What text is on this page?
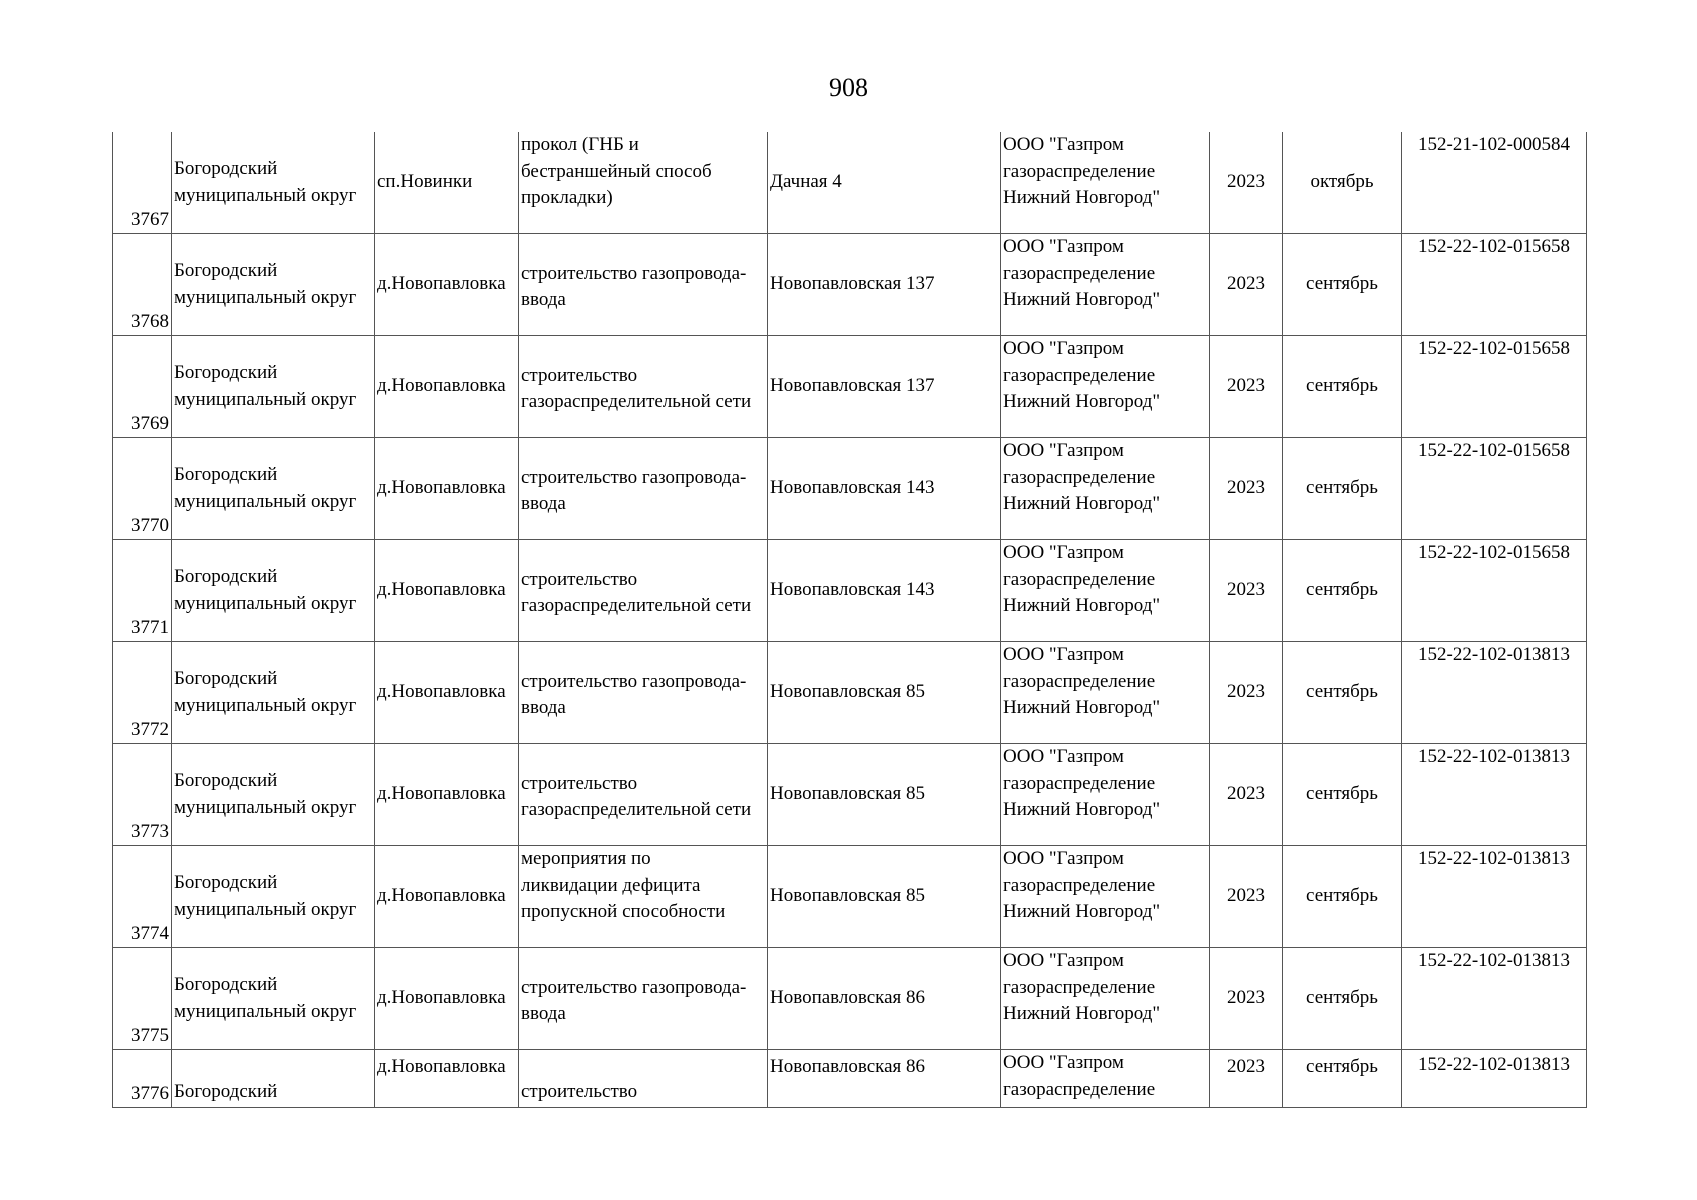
908
3767	Богородский
муниципальный округ	сп.Новинки	прокол (ГНБ и
бестраншейный способ
прокладки)	Дачная 4	ООО "Газпром
газораспределение
Нижний Новгород"	2023	октябрь	152-21-102-000584
3768	Богородский
муниципальный округ	д.Новопавловка	строительство газопровода-
ввода	Новопавловская 137	ООО "Газпром
газораспределение
Нижний Новгород"	2023	сентябрь	152-22-102-015658
3769	Богородский
муниципальный округ	д.Новопавловка	строительство
газораспределительной сети	Новопавловская 137	ООО "Газпром
газораспределение
Нижний Новгород"	2023	сентябрь	152-22-102-015658
3770	Богородский
муниципальный округ	д.Новопавловка	строительство газопровода-
ввода	Новопавловская 143	ООО "Газпром
газораспределение
Нижний Новгород"	2023	сентябрь	152-22-102-015658
3771	Богородский
муниципальный округ	д.Новопавловка	строительство
газораспределительной сети	Новопавловская 143	ООО "Газпром
газораспределение
Нижний Новгород"	2023	сентябрь	152-22-102-015658
3772	Богородский
муниципальный округ	д.Новопавловка	строительство газопровода-
ввода	Новопавловская 85	ООО "Газпром
газораспределение
Нижний Новгород"	2023	сентябрь	152-22-102-013813
3773	Богородский
муниципальный округ	д.Новопавловка	строительство
газораспределительной сети	Новопавловская 85	ООО "Газпром
газораспределение
Нижний Новгород"	2023	сентябрь	152-22-102-013813
3774	Богородский
муниципальный округ	д.Новопавловка	мероприятия по
ликвидации дефицита
пропускной способности	Новопавловская 85	ООО "Газпром
газораспределение
Нижний Новгород"	2023	сентябрь	152-22-102-013813
3775	Богородский
муниципальный округ	д.Новопавловка	строительство газопровода-
ввода	Новопавловская 86	ООО "Газпром
газораспределение
Нижний Новгород"	2023	сентябрь	152-22-102-013813
3776	Богородский	д.Новопавловка	строительство	Новопавловская 86	ООО "Газпром
газораспределение	2023	сентябрь	152-22-102-013813
